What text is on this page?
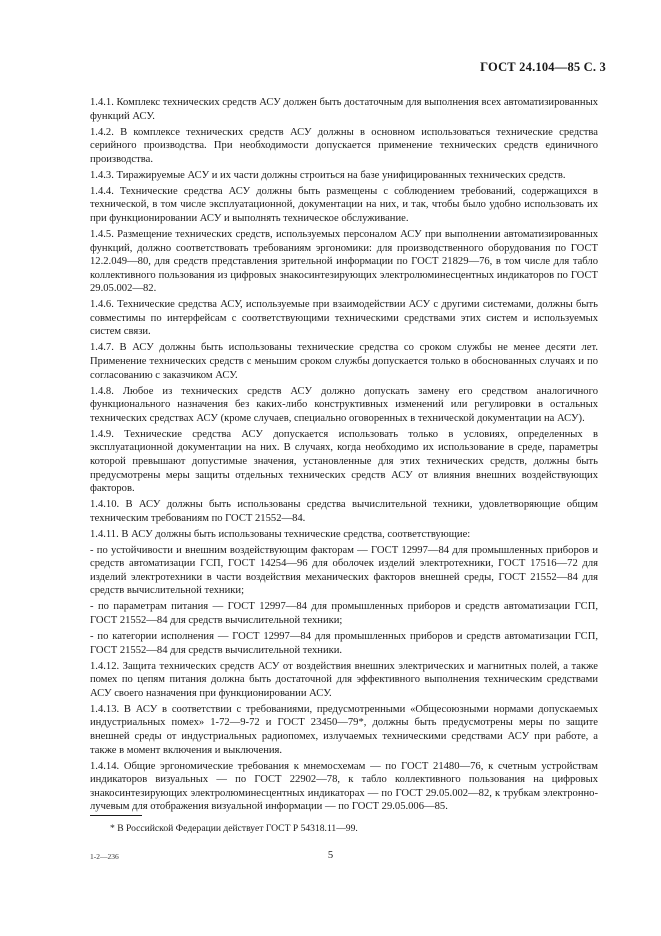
ГОСТ 24.104—85 С. 3

1.4.1. Комплекс технических средств АСУ должен быть достаточным для выполнения всех автоматизированных функций АСУ.

1.4.2. В комплексе технических средств АСУ должны в основном использоваться технические средства серийного производства. При необходимости допускается применение технических средств единичного производства.

1.4.3. Тиражируемые АСУ и их части должны строиться на базе унифицированных технических средств.

1.4.4. Технические средства АСУ должны быть размещены с соблюдением требований, содержащихся в технической, в том числе эксплуатационной, документации на них, и так, чтобы было удобно использовать их при функционировании АСУ и выполнять техническое обслуживание.

1.4.5. Размещение технических средств, используемых персоналом АСУ при выполнении автоматизированных функций, должно соответствовать требованиям эргономики: для производственного оборудования по ГОСТ 12.2.049—80, для средств представления зрительной информации по ГОСТ 21829—76, в том числе для табло коллективного пользования из цифровых знакосинтезирующих электролюминесцентных индикаторов по ГОСТ 29.05.002—82.

1.4.6. Технические средства АСУ, используемые при взаимодействии АСУ с другими системами, должны быть совместимы по интерфейсам с соответствующими техническими средствами этих систем и используемых систем связи.

1.4.7. В АСУ должны быть использованы технические средства со сроком службы не менее десяти лет. Применение технических средств с меньшим сроком службы допускается только в обоснованных случаях и по согласованию с заказчиком АСУ.

1.4.8. Любое из технических средств АСУ должно допускать замену его средством аналогичного функционального назначения без каких-либо конструктивных изменений или регулировки в остальных технических средствах АСУ (кроме случаев, специально оговоренных в технической документации на АСУ).

1.4.9. Технические средства АСУ допускается использовать только в условиях, определенных в эксплуатационной документации на них. В случаях, когда необходимо их использование в среде, параметры которой превышают допустимые значения, установленные для этих технических средств, должны быть предусмотрены меры защиты отдельных технических средств АСУ от влияния внешних воздействующих факторов.

1.4.10. В АСУ должны быть использованы средства вычислительной техники, удовлетворяющие общим техническим требованиям по ГОСТ 21552—84.

1.4.11. В АСУ должны быть использованы технические средства, соответствующие:

- по устойчивости и внешним воздействующим факторам — ГОСТ 12997—84 для промышленных приборов и средств автоматизации ГСП, ГОСТ 14254—96 для оболочек изделий электротехники, ГОСТ 17516—72 для изделий электротехники в части воздействия механических факторов внешней среды, ГОСТ 21552—84 для средств вычислительной техники;

- по параметрам питания — ГОСТ 12997—84 для промышленных приборов и средств автоматизации ГСП, ГОСТ 21552—84 для средств вычислительной техники;

- по категории исполнения — ГОСТ 12997—84 для промышленных приборов и средств автоматизации ГСП, ГОСТ 21552—84 для средств вычислительной техники.

1.4.12. Защита технических средств АСУ от воздействия внешних электрических и магнитных полей, а также помех по цепям питания должна быть достаточной для эффективного выполнения техническим средствами АСУ своего назначения при функционировании АСУ.

1.4.13. В АСУ в соответствии с требованиями, предусмотренными «Общесоюзными нормами допускаемых индустриальных помех» 1-72—9-72 и ГОСТ 23450—79*, должны быть предусмотрены меры по защите внешней среды от индустриальных радиопомех, излучаемых техническими средствами АСУ при работе, а также в момент включения и выключения.

1.4.14. Общие эргономические требования к мнемосхемам — по ГОСТ 21480—76, к счетным устройствам индикаторов визуальных — по ГОСТ 22902—78, к табло коллективного пользования на цифровых знакосинтезирующих электролюминесцентных индикаторах — по ГОСТ 29.05.002—82, к трубкам электронно-лучевым для отображения визуальной информации — по ГОСТ 29.05.006—85.

* В Российской Федерации действует ГОСТ Р 54318.11—99.
1-2—236	5
